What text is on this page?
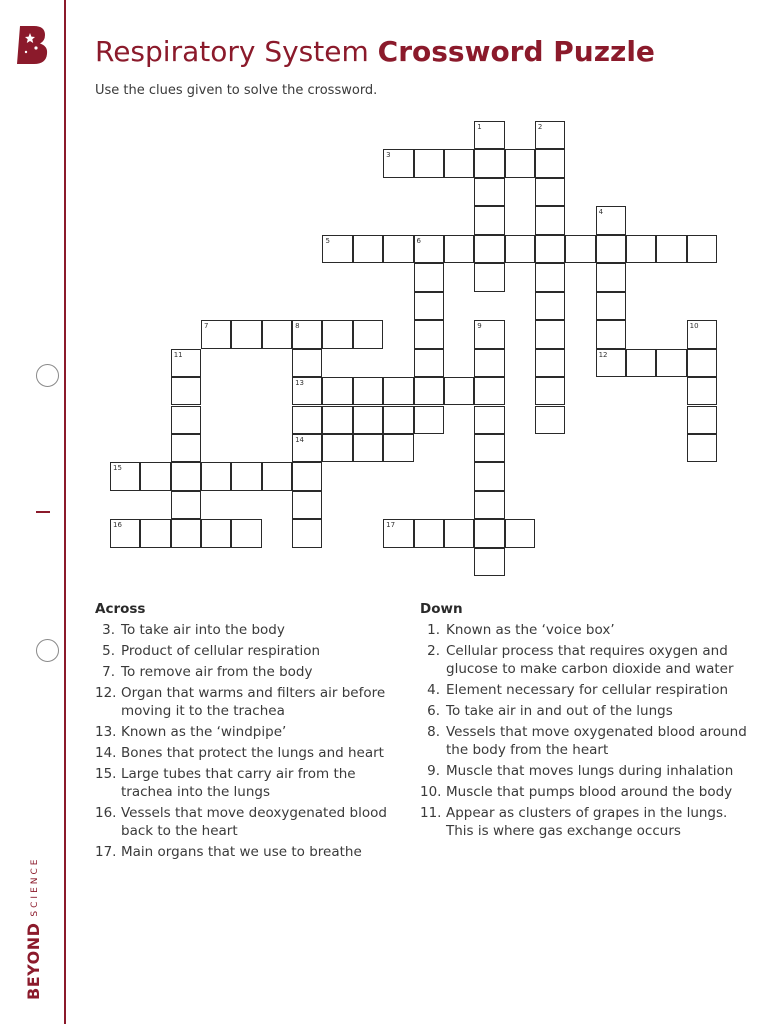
BEYONDSCIENCE
Respiratory System Crossword Puzzle
Use the clues given to solve the crossword.
1	2
3
4
5	6
7	8	9	10
11	12
13
14
15
16	17
Across
3. To take air into the body
5. Product of cellular respiration
7. To remove air from the body
12. Organ that warms and filters air before moving it to the trachea
13. Known as the ‘windpipe’
14. Bones that protect the lungs and heart
15. Large tubes that carry air from the trachea into the lungs
16. Vessels that move deoxygenated blood back to the heart
17. Main organs that we use to breathe
Down
1. Known as the ‘voice box’
2. Cellular process that requires oxygen and glucose to make carbon dioxide and water
4. Element necessary for cellular respiration
6. To take air in and out of the lungs
8. Vessels that move oxygenated blood around the body from the heart
9. Muscle that moves lungs during inhalation
10. Muscle that pumps blood around the body
11. Appear as clusters of grapes in the lungs. This is where gas exchange occurs
